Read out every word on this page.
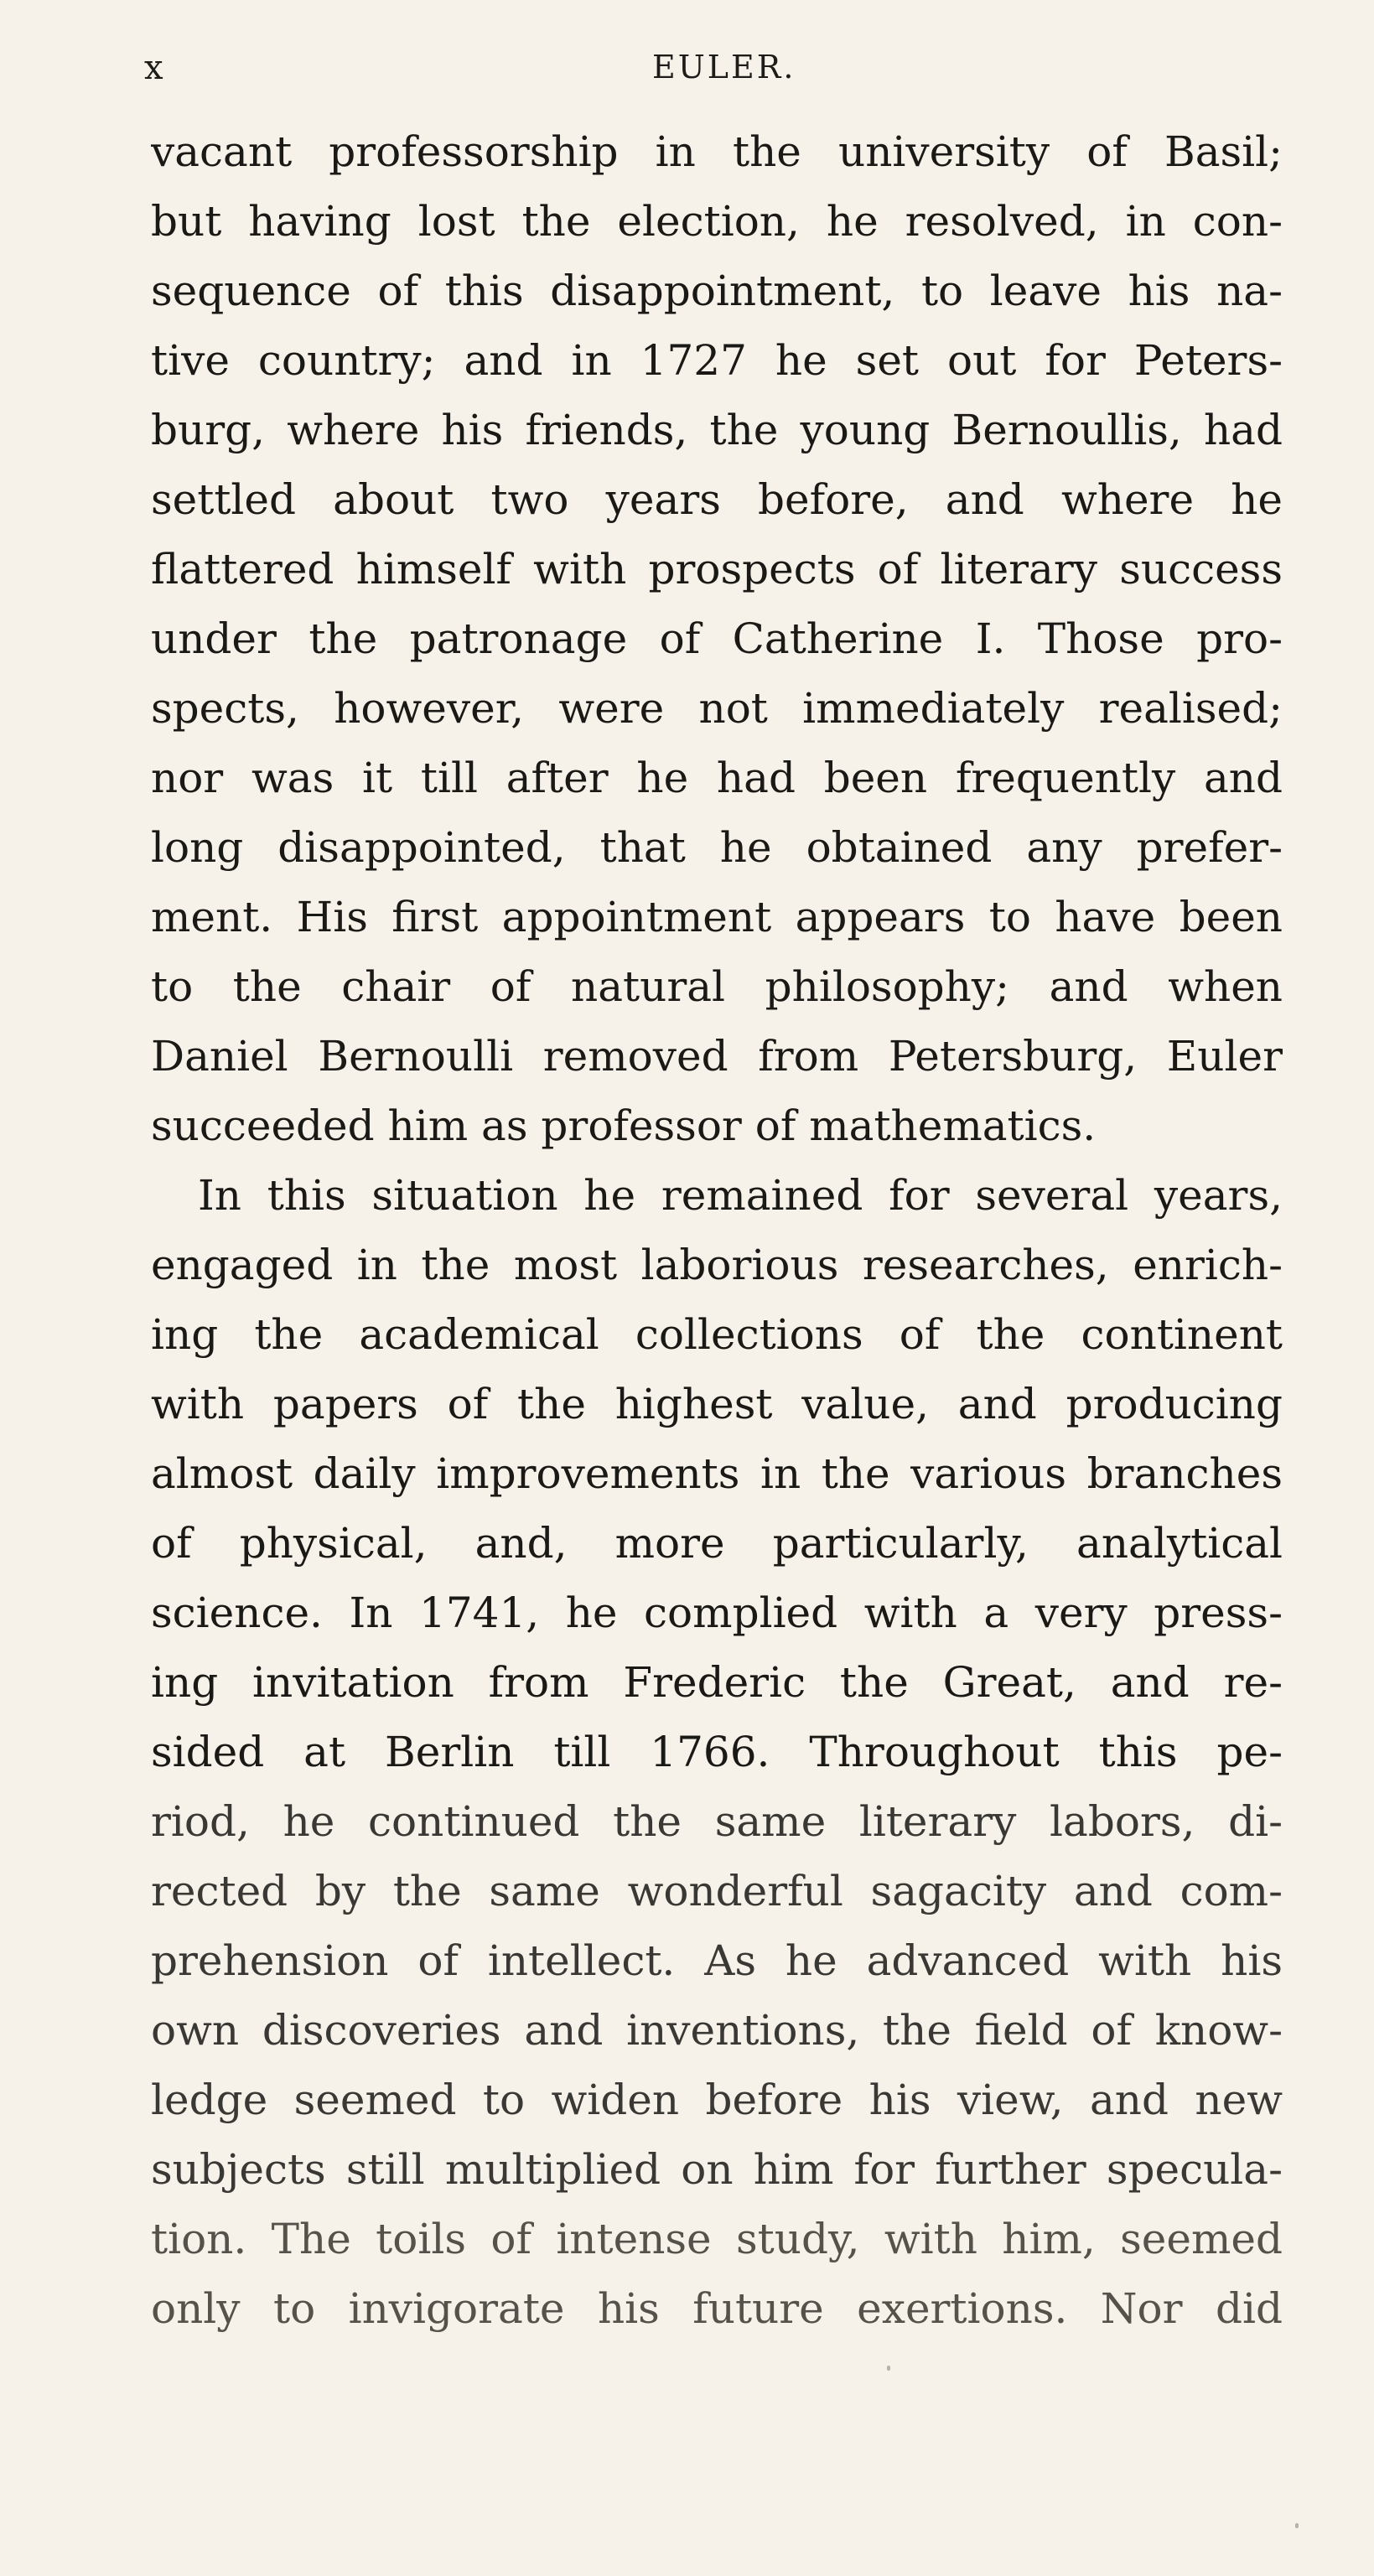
x	EULER.
vacant professorship in the university of Basil;
but having lost the election, he resolved, in con-
sequence of this disappointment, to leave his na-
tive country; and in 1727 he set out for Peters-
burg, where his friends, the young Bernoullis, had
settled about two years before, and where he
flattered himself with prospects of literary success
under the patronage of Catherine I. Those pro-
spects, however, were not immediately realised;
nor was it till after he had been frequently and
long disappointed, that he obtained any prefer-
ment. His first appointment appears to have been
to the chair of natural philosophy; and when
Daniel Bernoulli removed from Petersburg, Euler
succeeded him as professor of mathematics.
In this situation he remained for several years,
engaged in the most laborious researches, enrich-
ing the academical collections of the continent
with papers of the highest value, and producing
almost daily improvements in the various branches
of physical, and, more particularly, analytical
science. In 1741, he complied with a very press-
ing invitation from Frederic the Great, and re-
sided at Berlin till 1766. Throughout this pe-
riod, he continued the same literary labors, di-
rected by the same wonderful sagacity and com-
prehension of intellect. As he advanced with his
own discoveries and inventions, the field of know-
ledge seemed to widen before his view, and new
subjects still multiplied on him for further specula-
tion. The toils of intense study, with him, seemed
only to invigorate his future exertions. Nor did
